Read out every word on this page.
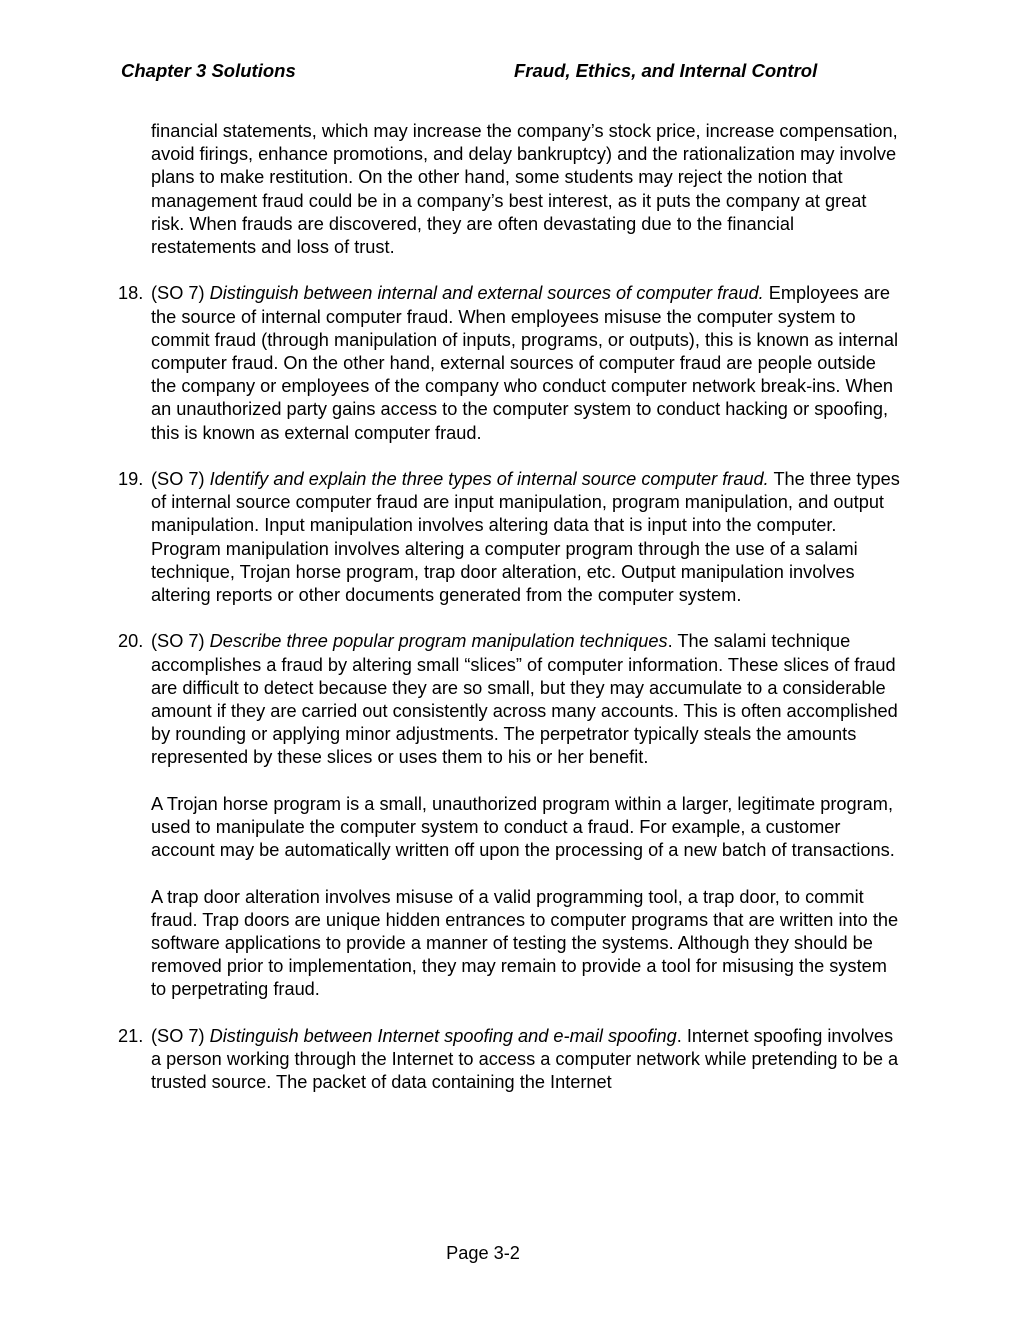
Chapter 3 Solutions	Fraud, Ethics, and Internal Control

financial statements, which may increase the company’s stock price, increase compensation, avoid firings, enhance promotions, and delay bankruptcy) and the rationalization may involve plans to make restitution. On the other hand, some students may reject the notion that management fraud could be in a company’s best interest, as it puts the company at great risk. When frauds are discovered, they are often devastating due to the financial restatements and loss of trust.

18. (SO 7) Distinguish between internal and external sources of computer fraud. Employees are the source of internal computer fraud. When employees misuse the computer system to commit fraud (through manipulation of inputs, programs, or outputs), this is known as internal computer fraud. On the other hand, external sources of computer fraud are people outside the company or employees of the company who conduct computer network break-ins. When an unauthorized party gains access to the computer system to conduct hacking or spoofing, this is known as external computer fraud.

19. (SO 7) Identify and explain the three types of internal source computer fraud. The three types of internal source computer fraud are input manipulation, program manipulation, and output manipulation. Input manipulation involves altering data that is input into the computer. Program manipulation involves altering a computer program through the use of a salami technique, Trojan horse program, trap door alteration, etc. Output manipulation involves altering reports or other documents generated from the computer system.

20. (SO 7) Describe three popular program manipulation techniques. The salami technique accomplishes a fraud by altering small “slices” of computer information. These slices of fraud are difficult to detect because they are so small, but they may accumulate to a considerable amount if they are carried out consistently across many accounts. This is often accomplished by rounding or applying minor adjustments. The perpetrator typically steals the amounts represented by these slices or uses them to his or her benefit.

A Trojan horse program is a small, unauthorized program within a larger, legitimate program, used to manipulate the computer system to conduct a fraud. For example, a customer account may be automatically written off upon the processing of a new batch of transactions.

A trap door alteration involves misuse of a valid programming tool, a trap door, to commit fraud. Trap doors are unique hidden entrances to computer programs that are written into the software applications to provide a manner of testing the systems. Although they should be removed prior to implementation, they may remain to provide a tool for misusing the system to perpetrating fraud.

21. (SO 7) Distinguish between Internet spoofing and e-mail spoofing. Internet spoofing involves a person working through the Internet to access a computer network while pretending to be a trusted source. The packet of data containing the Internet

Page 3-2
